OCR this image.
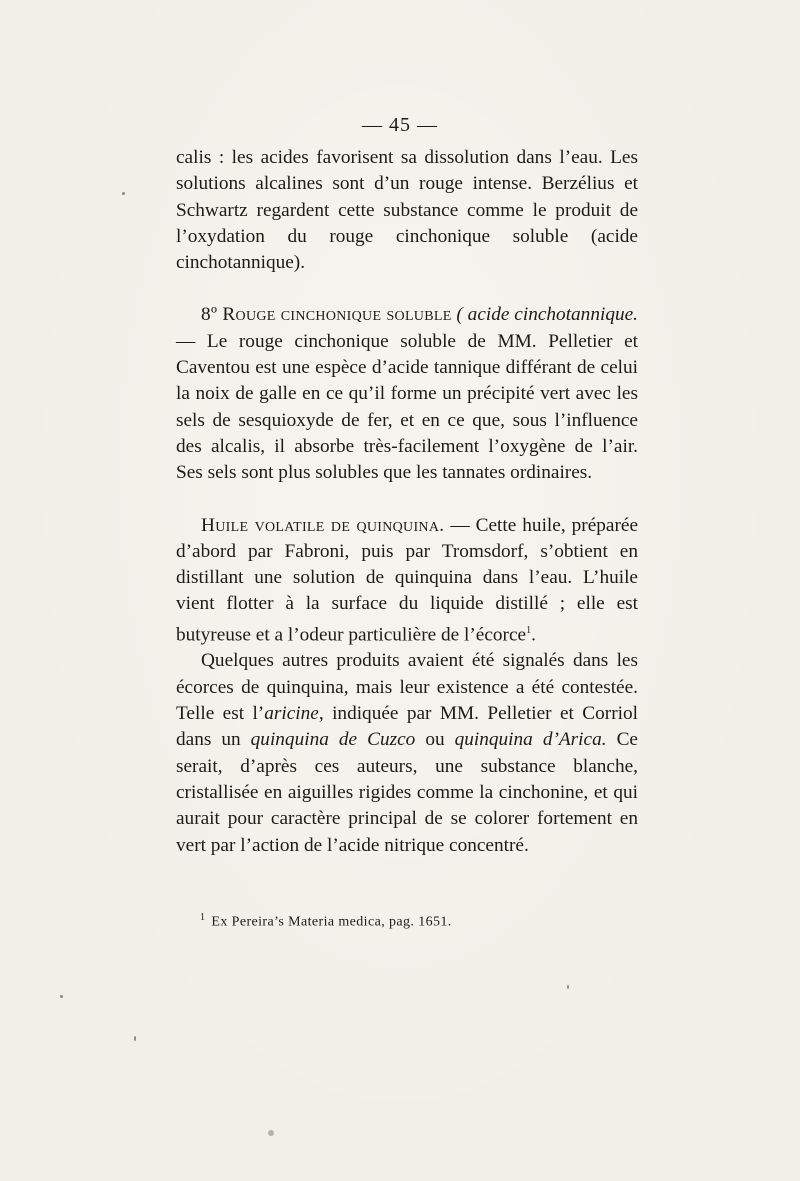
— 45 —

calis : les acides favorisent sa dissolution dans l’eau. Les solutions alcalines sont d’un rouge intense. Berzélius et Schwartz regardent cette substance comme le produit de l’oxydation du rouge cinchonique soluble (acide cinchotannique).

8º Rouge cinchonique soluble ( acide cinchotannique. — Le rouge cinchonique soluble de MM. Pelletier et Caventou est une espèce d’acide tannique différant de celui la noix de galle en ce qu’il forme un précipité vert avec les sels de sesquioxyde de fer, et en ce que, sous l’influence des alcalis, il absorbe très-facilement l’oxygène de l’air. Ses sels sont plus solubles que les tannates ordinaires.

Huile volatile de quinquina. — Cette huile, préparée d’abord par Fabroni, puis par Tromsdorf, s’obtient en distillant une solution de quinquina dans l’eau. L’huile vient flotter à la surface du liquide distillé ; elle est butyreuse et a l’odeur particulière de l’écorce$^1$.

Quelques autres produits avaient été signalés dans les écorces de quinquina, mais leur existence a été contestée. Telle est l’aricine, indiquée par MM. Pelletier et Corriol dans un quinquina de Cuzco ou quinquina d’Arica. Ce serait, d’après ces auteurs, une substance blanche, cristallisée en aiguilles rigides comme la cinchonine, et qui aurait pour caractère principal de se colorer fortement en vert par l’action de l’acide nitrique concentré.

$^1$ Ex Pereira’s Materia medica, pag. 1651.
